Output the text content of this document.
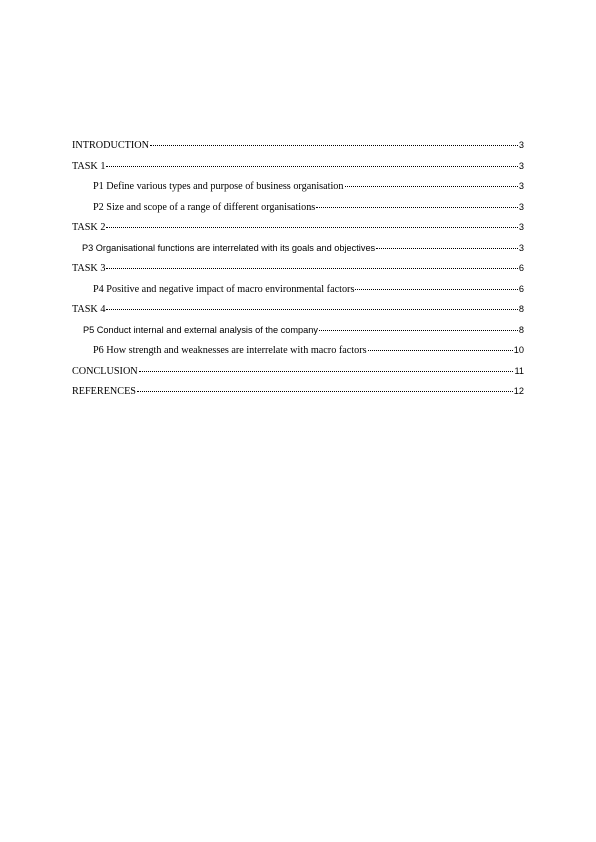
INTRODUCTION	3
TASK 1	3
P1 Define various types and purpose of business organisation	3
P2 Size and scope of a range of different organisations	3
TASK 2	3
P3 Organisational functions are interrelated with its goals and objectives	3
TASK 3	6
P4 Positive and negative impact of macro environmental factors	6
TASK 4	8
P5 Conduct internal and external analysis of the company	8
P6 How strength and weaknesses are interrelate with macro factors	10
CONCLUSION	11
REFERENCES	12
